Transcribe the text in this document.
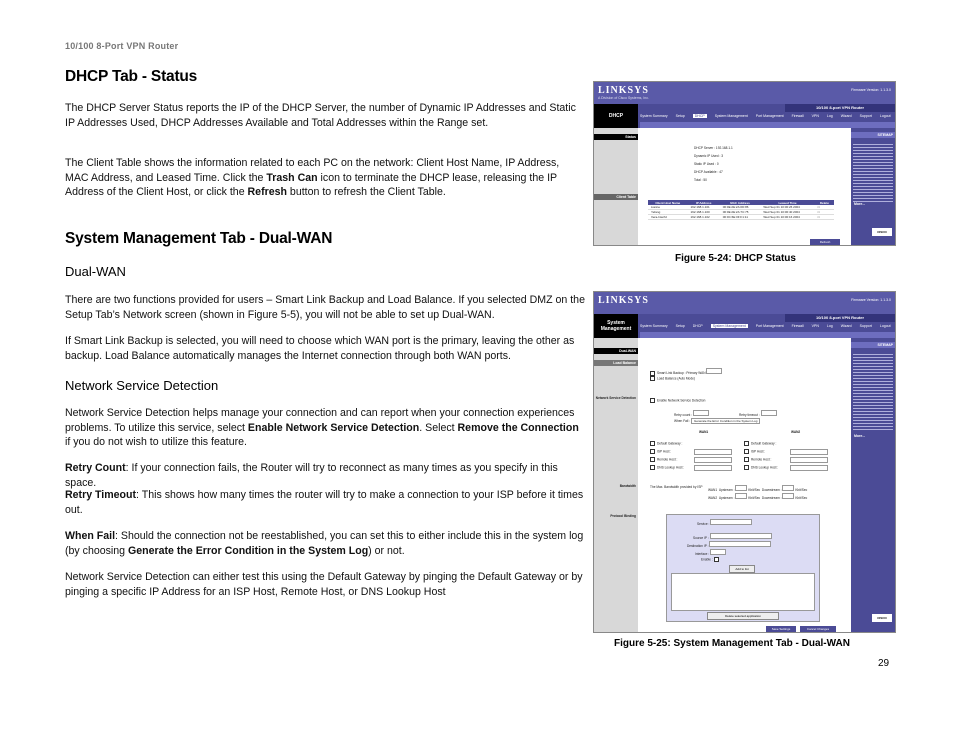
10/100 8-Port VPN Router
DHCP Tab - Status

The DHCP Server Status reports the IP of the DHCP Server, the number of Dynamic IP Addresses and Static IP Addresses Used, DHCP Addresses Available and Total Addresses within the Range set.

The Client Table shows the information related to each PC on the network: Client Host Name, IP Address, MAC Address, and Leased Time. Click the Trash Can icon to terminate the DHCP lease, releasing the IP Address of the Client Host, or click the Refresh button to refresh the Client Table.

System Management Tab - Dual-WAN
Dual-WAN

There are two functions provided for users – Smart Link Backup and Load Balance. If you selected DMZ on the Setup Tab’s Network screen (shown in Figure 5-5), you will not be able to set up Dual-WAN.

If Smart Link Backup is selected, you will need to choose which WAN port is the primary, leaving the other as backup. Load Balance automatically manages the Internet connection through both WAN ports.

Network Service Detection

Network Service Detection helps manage your connection and can report when your connection experiences problems. To utilize this service, select Enable Network Service Detection. Select Remove the Connection if you do not wish to utilize this feature.

Retry Count: If your connection fails, the Router will try to reconnect as many times as you specify in this space.

Retry Timeout: This shows how many times the router will try to make a connection to your ISP before it times out.

When Fail: Should the connection not be reestablished, you can set this to either include this in the system log (by choosing Generate the Error Condition in the System Log) or not.

Network Service Detection can either test this using the Default Gateway by pinging the Default Gateway or by pinging a specific IP Address for an ISP Host, Remote Host, or DNS Lookup Host

LINKSYS
A Division of Cisco Systems, Inc.
Firmware Version: 1.1.3.0
DHCP
10/100 8-port VPN Router
System Summary Setup	DHCP	System Management Port Management Firewall VPN Log Wizard Support Logout
Status
Client Table
DHCP Server : 192.168.1.1
Dynamic IP Used : 3
Static IP Used : 0
DHCP Available : 47
Total : 50
Client Host Name	IP Address	MAC Address	Leased Time	Delete
Lianne	192.168.1.101	00:0E:2E:2A:0D:86	Wed Sep 01 10:00:26 2004	□
Yefang	192.168.1.100	00:0E:2E:2A:7C:75	Wed Sep 01 10:00:40 2004	□
Vera-Interfd	192.168.1.102	00:0C:6E:0F:F1:11	Wed Sep 01 10:00:16 2004	□
SITEMAP
More...
CISCO
Refresh
Figure 5-24: DHCP Status
LINKSYS	Firmware Version: 1.1.3.0
System Management
10/100 8-port VPN Router
System Summary Setup DHCP	System Management	Port Management Firewall VPN Log Wizard Support Logout
Dual-WAN
Load Balance
Network Service Detection
Bandwidth
Protocol Binding
Smart Link Backup : Primary WAN
Load Balance (Auto Mode)
Enable Network Service Detection
Retry count :	Retry timeout :
When Fail : Generate the Error Condition in the System Log
WAN1	WAN2
Default Gateway :
ISP Host :
Remote Host :
DNS Lookup Host :
Default Gateway :
ISP Host :
Remote Host :
DNS Lookup Host :
The Max. Bandwidth provided by ISP
WAN1 Upstream :	Kbit/Sec Downstream :	Kbit/Sec
WAN2 Upstream :	Kbit/Sec Downstream :	Kbit/Sec
Service :
Source IP :
Destination IP :
Interface :
Enable :
Add to list
Delete selected application
SITEMAP
More...
CISCO
Save Settings	Cancel Changes
Figure 5-25: System Management Tab - Dual-WAN
29
